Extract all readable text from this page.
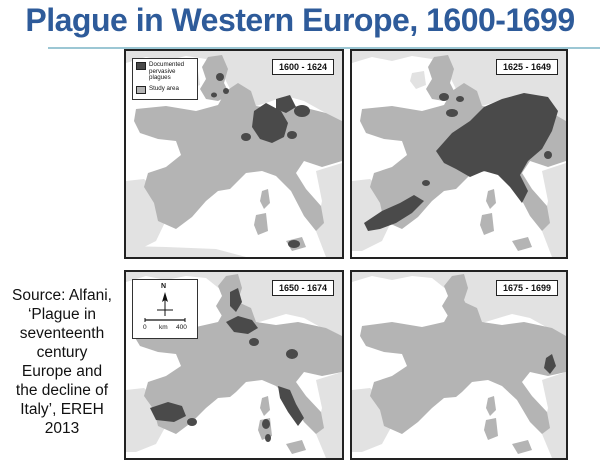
Plague in Western Europe, 1600-1699
Source: Alfani,
‘Plague in
seventeenth
century
Europe and
the decline of
Italy’, EREH
2013
Documented pervasive plagues
Study area
1600 - 1624	1625 - 1649
N
0 km 400
1650 - 1674	1675 - 1699
